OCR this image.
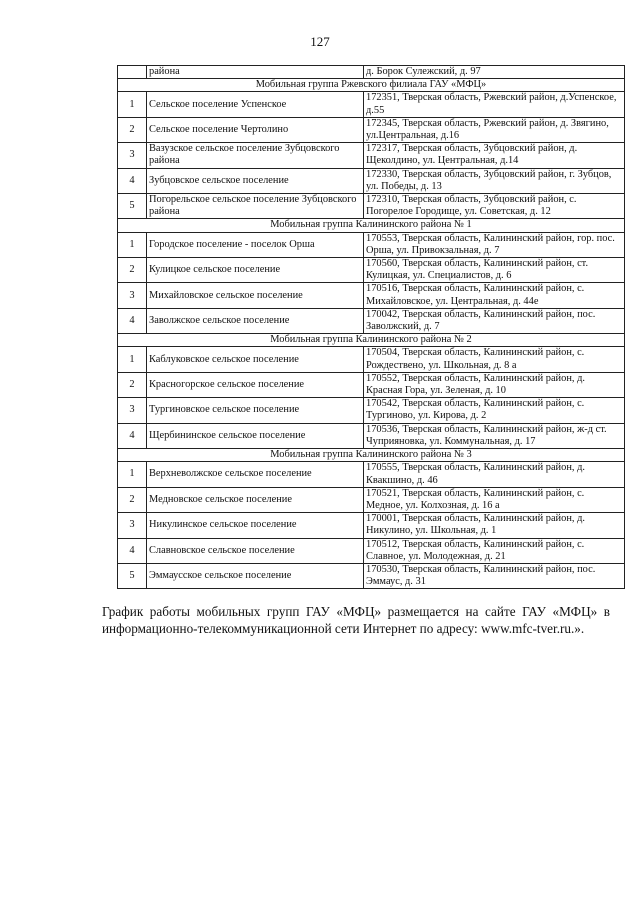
127
	района	д. Борок Сулежский, д. 97
Мобильная группа Ржевского филиала ГАУ «МФЦ»		
1	Сельское поселение Успенское	172351, Тверская область, Ржевский район, д.Успенское, д.55
2	Сельское поселение Чертолино	172345, Тверская область, Ржевский район, д. Звягино, ул.Центральная, д.16
3	Вазузское сельское поселение Зубцовского района	172317, Тверская область, Зубцовский район, д. Щеколдино, ул. Центральная, д.14
4	Зубцовское сельское поселение	172330, Тверская область, Зубцовский район, г. Зубцов, ул. Победы, д. 13
5	Погорельское сельское поселение Зубцовского района	172310, Тверская область, Зубцовский район, с. Погорелое Городище, ул. Советская, д. 12
Мобильная группа Калининского района № 1		
1	Городское поселение - поселок Орша	170553, Тверская область, Калининский район, гор. пос. Орша, ул. Привокзальная, д. 7
2	Кулицкое сельское поселение	170560, Тверская область, Калининский район, ст. Кулицкая, ул. Специалистов, д. 6
3	Михайловское сельское поселение	170516, Тверская область, Калининский район, с. Михайловское, ул. Центральная, д. 44е
4	Заволжское сельское поселение	170042, Тверская область, Калининский район, пос. Заволжский, д. 7
Мобильная группа Калининского района № 2		
1	Каблуковское сельское поселение	170504, Тверская область, Калининский район, с. Рождествено, ул. Школьная, д. 8 а
2	Красногорское сельское поселение	170552, Тверская область, Калининский район, д. Красная Гора, ул. Зеленая, д. 10
3	Тургиновское сельское поселение	170542, Тверская область, Калининский район, с. Тургиново, ул. Кирова, д. 2
4	Щербининское сельское поселение	170536, Тверская область, Калининский район, ж-д ст. Чуприяновка, ул. Коммунальная, д. 17
Мобильная группа Калининского района № 3		
1	Верхневолжское сельское поселение	170555, Тверская область, Калининский район, д. Квакшино, д. 46
2	Медновское сельское поселение	170521, Тверская область, Калининский район, с. Медное, ул. Колхозная, д. 16 а
3	Никулинское сельское поселение	170001, Тверская область, Калининский район, д. Никулино, ул. Школьная, д. 1
4	Славновское сельское поселение	170512, Тверская область, Калининский район, с. Славное, ул. Молодежная, д. 21
5	Эммаусское сельское поселение	170530, Тверская область, Калининский район, пос. Эммаус, д. 31
График работы мобильных групп ГАУ «МФЦ» размещается на сайте ГАУ «МФЦ» в информационно-телекоммуникационной сети Интернет по адресу: www.mfc-tver.ru.».
